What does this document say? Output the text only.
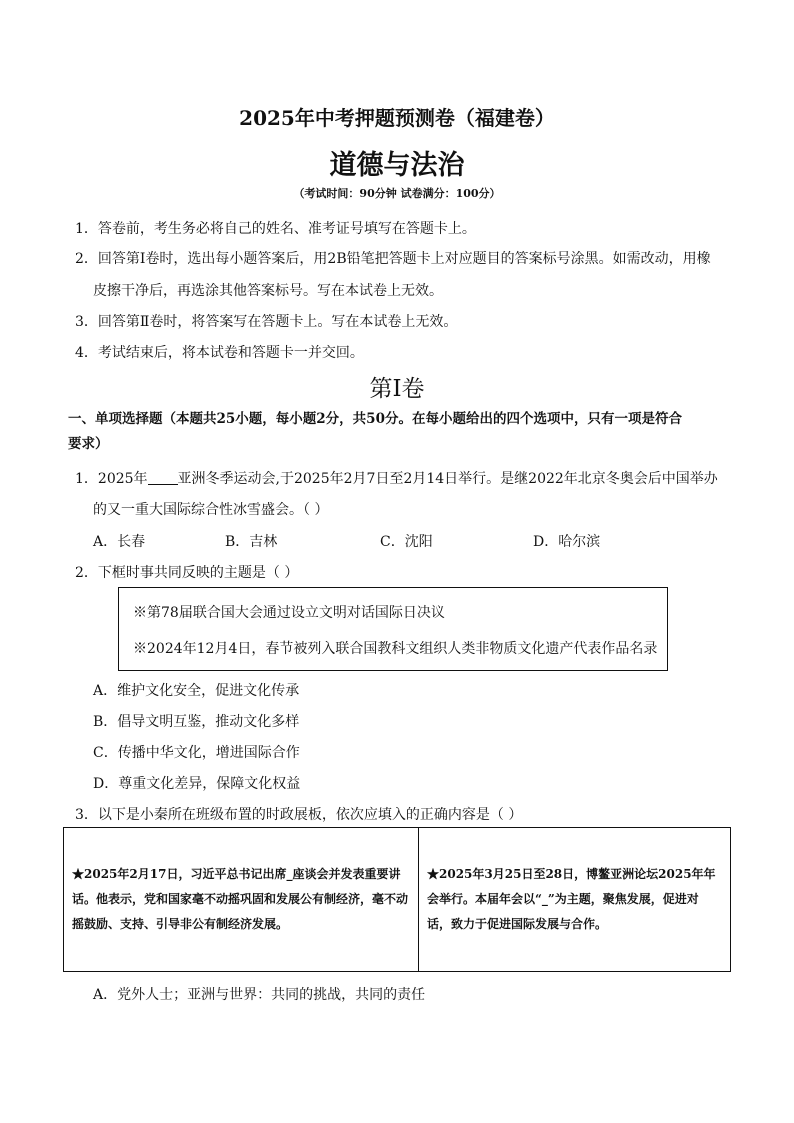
2025年中考押题预测卷（福建卷）
道德与法治
（考试时间：90分钟 试卷满分：100分）
1．答卷前，考生务必将自己的姓名、准考证号填写在答题卡上。
2．回答第Ⅰ卷时，选出每小题答案后，用2B铅笔把答题卡上对应题目的答案标号涂黑。如需改动，用橡
皮擦干净后，再选涂其他答案标号。写在本试卷上无效。
3．回答第Ⅱ卷时，将答案写在答题卡上。写在本试卷上无效。
4．考试结束后，将本试卷和答题卡一并交回。
第Ⅰ卷
一、单项选择题（本题共25小题，每小题2分，共50分。在每小题给出的四个选项中，只有一项是符合
要求）
1．2025年 亚洲冬季运动会,于2025年2月7日至2月14日举行。是继2022年北京冬奥会后中国举办
的又一重大国际综合性冰雪盛会。（ ）
A．长春	B．吉林	C．沈阳	D．哈尔滨
2．下框时事共同反映的主题是（ ）
※第78届联合国大会通过设立文明对话国际日决议
※2024年12月4日，春节被列入联合国教科文组织人类非物质文化遗产代表作品名录
A．维护文化安全，促进文化传承
B．倡导文明互鉴，推动文化多样
C．传播中华文化，增进国际合作
D．尊重文化差异，保障文化权益
3．以下是小秦所在班级布置的时政展板，依次应填入的正确内容是（ ）
★2025年2月17日，习近平总书记出席_座谈会并发表重要讲话。他表示，党和国家毫不动摇巩固和发展公有制经济，毫不动摇鼓励、支持、引导非公有制经济发展。
★2025年3月25日至28日，博鳌亚洲论坛2025年年会举行。本届年会以“_”为主题，聚焦发展，促进对话，致力于促进国际发展与合作。
A．党外人士；亚洲与世界：共同的挑战，共同的责任
